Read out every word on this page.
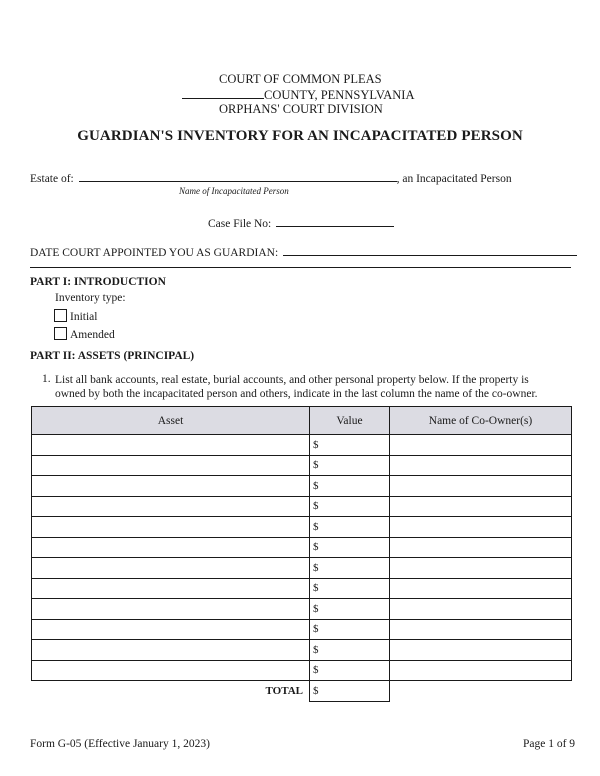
COURT OF COMMON PLEAS
COUNTY, PENNSYLVANIA
ORPHANS' COURT DIVISION
GUARDIAN'S INVENTORY FOR AN INCAPACITATED PERSON
Estate of:	, an Incapacitated Person
Name of Incapacitated Person
Case File No:
DATE COURT APPOINTED YOU AS GUARDIAN:
PART I: INTRODUCTION
Inventory type:
Initial
Amended
PART II: ASSETS (PRINCIPAL)
1. List all bank accounts, real estate, burial accounts, and other personal property below. If the property is owned by both the incapacitated person and others, indicate in the last column the name of the co-owner.
Asset	Value	Name of Co-Owner(s)
	$	
	$	
	$	
	$	
	$	
	$	
	$	
	$	
	$	
	$	
	$	
	$	
TOTAL	$	
Form G-05 (Effective January 1, 2023)	Page 1 of 9
